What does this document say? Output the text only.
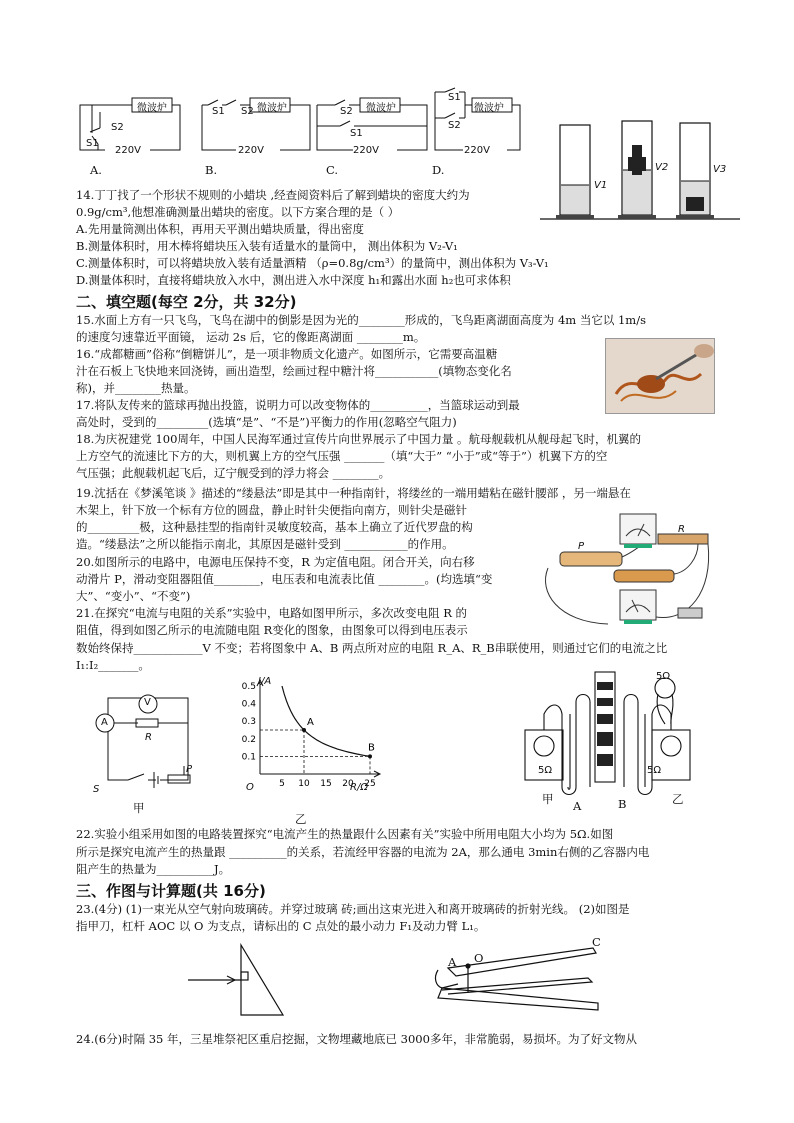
微波炉	微波炉	微波炉	微波炉
S2
S1
S1 S2	S2
S1
S1
S2
220V	220V	220V	220V
A.	B.	C.	D.
V1
V2	V3
14.丁丁找了一个形状不规则的小蜡块 ,经查阅资料后了解到蜡块的密度大约为
0.9g/cm³,他想准确测量出蜡块的密度。以下方案合理的是（ ）
A.先用量筒测出体积，再用天平测出蜡块质量，得出密度
B.测量体积时，用木棒将蜡块压入装有适量水的量筒中， 测出体积为 V₂-V₁
C.测量体积时，可以将蜡块放入装有适量酒精 （ρ=0.8g/cm³）的量筒中，测出体积为 V₃-V₁
D.测量体积时，直接将蜡块放入水中，测出进入水中深度 h₁和露出水面 h₂也可求体积
二、填空题(每空 2分，共 32分)
15.水面上方有一只飞鸟，飞鸟在湖中的倒影是因为光的________形成的，飞鸟距离湖面高度为 4m 当它以 1m/s
的速度匀速靠近平面镜， 运动 2s 后，它的像距离湖面 ________m。
16.“成都糖画”俗称“倒糖饼儿”，是一项非物质文化遗产。如图所示，它需要高温糖
汁在石板上飞快地来回浇铸，画出造型，绘画过程中糖汁将___________(填物态变化名
称)，并________热量。
17.将队友传来的篮球再抛出投篮，说明力可以改变物体的__________，当篮球运动到最
高处时，受到的_________(选填“是”、“不是”)平衡力的作用(忽略空气阻力)
18.为庆祝建党 100周年，中国人民海军通过宣传片向世界展示了中国力量 。航母舰载机从舰母起飞时，机翼的
上方空气的流速比下方的大，则机翼上方的空气压强 _______（填“大于” “小于”或“等于”）机翼下方的空
气压强；此舰载机起飞后，辽宁舰受到的浮力将会 ________。
19.沈括在《梦溪笔谈 》描述的“缕悬法”即是其中一种指南针，将缕丝的一端用蜡粘在磁针腰部 ，另一端悬在
木架上，针下放一个标有方位的圆盘，静止时针尖便指向南方，则针尖是磁针
的_________极，这种悬挂型的指南针灵敏度较高，基本上确立了近代罗盘的构
造。“缕悬法”之所以能指示南北，其原因是磁针受到 ___________的作用。
20.如图所示的电路中，电源电压保持不变，R 为定值电阻。闭合开关，向右移
动滑片 P，滑动变阻器阻值________，电压表和电流表比值 ________。(均选填“变
大”、“变小”、“不变”)
P
R
21.在探究“电流与电阻的关系”实验中，电路如图甲所示，多次改变电阻 R 的
阻值，得到如图乙所示的电流随电阻 R变化的图象，由图象可以得到电压表示
数始终保持____________V 不变；若将图象中 A、B 两点所对应的电阻 R_A、R_B串联使用，则通过它们的电流之比
I₁:I₂_______。
A
V
R
P
S
甲
5 10 15 20 25
0.5
0.4
0.3
0.2
0.1
A
B
I/A
R/Ω
O
乙
5Ω
5Ω	5Ω
甲	乙
A	B
22.实验小组采用如图的电路装置探究“电流产生的热量跟什么因素有关”实验中所用电阻大小均为 5Ω.如图
所示是探究电流产生的热量跟 __________的关系，若流经甲容器的电流为 2A，那么通电 3min右侧的乙容器内电
阻产生的热量为__________J。
三、作图与计算题(共 16分)
23.(4分) (1)一束光从空气射向玻璃砖。并穿过玻璃 砖;画出这束光进入和离开玻璃砖的折射光线。 (2)如图是
指甲刀，杠杆 AOC 以 O 为支点，请标出的 C 点处的最小动力 F₁及动力臂 L₁。
A O
C
24.(6分)时隔 35 年，三星堆祭祀区重启挖掘，文物埋藏地底已 3000多年，非常脆弱，易损坏。为了好文物从
